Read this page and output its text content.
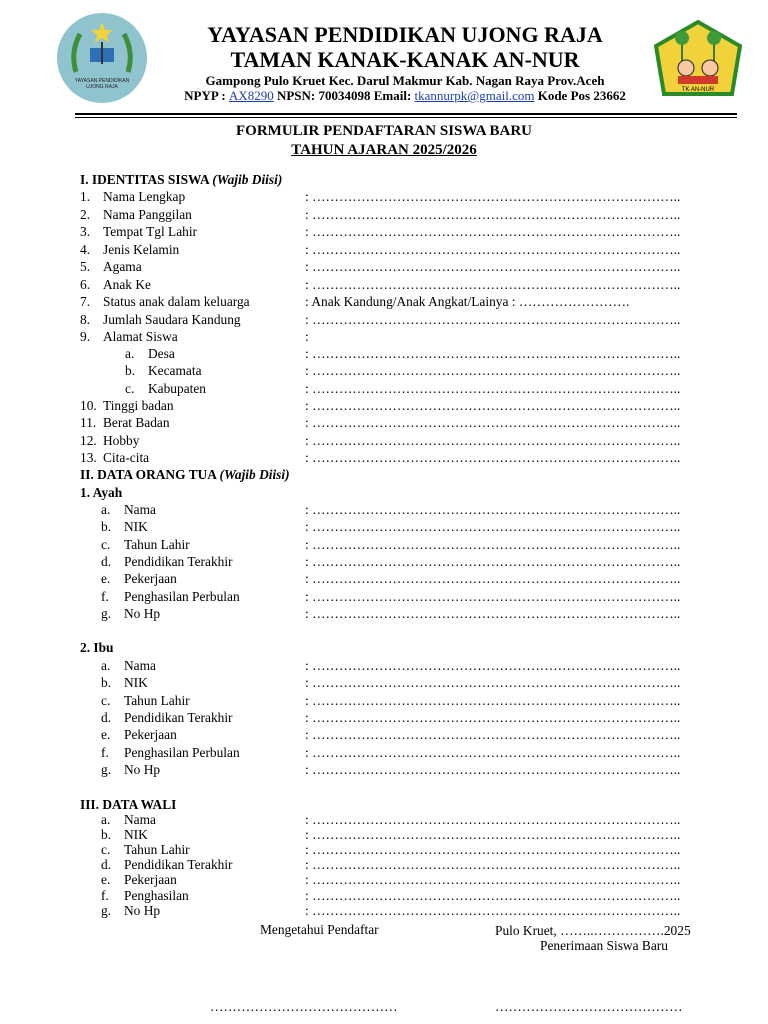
YAYASAN PENDIDIKAN
UJONG RAJA	TK AN-NUR
YAYASAN PENDIDIKAN UJONG RAJA
TAMAN KANAK-KANAK AN-NUR
Gampong Pulo Kruet Kec. Darul Makmur Kab. Nagan Raya Prov.Aceh
NPYP : AX8290 NPSN: 70034098 Email: tkannurpk@gmail.com Kode Pos 23662
FORMULIR PENDAFTARAN SISWA BARU
TAHUN AJARAN 2025/2026
I. IDENTITAS SISWA (Wajib Diisi)
1. Nama Lengkap	: ………………………………………………………………………..
2. Nama Panggilan	: ………………………………………………………………………..
3. Tempat Tgl Lahir	: ………………………………………………………………………..
4. Jenis Kelamin	: ………………………………………………………………………..
5. Agama	: ………………………………………………………………………..
6. Anak Ke	: ………………………………………………………………………..
7. Status anak dalam keluarga	: Anak Kandung/Anak Angkat/Lainya : …………………….
8. Jumlah Saudara Kandung	: ………………………………………………………………………..
9. Alamat Siswa	:
a. Desa	: ………………………………………………………………………..
b. Kecamata	: ………………………………………………………………………..
c. Kabupaten	: ………………………………………………………………………..
10. Tinggi badan	: ………………………………………………………………………..
11. Berat Badan	: ………………………………………………………………………..
12. Hobby	: ………………………………………………………………………..
13. Cita-cita	: ………………………………………………………………………..
II. DATA ORANG TUA (Wajib Diisi)
1. Ayah
a. Nama	: ………………………………………………………………………..
b. NIK	: ………………………………………………………………………..
c. Tahun Lahir	: ………………………………………………………………………..
d. Pendidikan Terakhir	: ………………………………………………………………………..
e. Pekerjaan	: ………………………………………………………………………..
f. Penghasilan Perbulan	: ………………………………………………………………………..
g. No Hp	: ………………………………………………………………………..
2. Ibu
a. Nama	: ………………………………………………………………………..
b. NIK	: ………………………………………………………………………..
c. Tahun Lahir	: ………………………………………………………………………..
d. Pendidikan Terakhir	: ………………………………………………………………………..
e. Pekerjaan	: ………………………………………………………………………..
f. Penghasilan Perbulan	: ………………………………………………………………………..
g. No Hp	: ………………………………………………………………………..
III. DATA WALI
a. Nama	: ………………………………………………………………………..
b. NIK	: ………………………………………………………………………..
c. Tahun Lahir	: ………………………………………………………………………..
d. Pendidikan Terakhir	: ………………………………………………………………………..
e. Pekerjaan	: ………………………………………………………………………..
f. Penghasilan	: ………………………………………………………………………..
g. No Hp	: ………………………………………………………………………..
Mengetahui Pendaftar	Pulo Kruet, ……..…………….2025
Penerimaan Siswa Baru
……………………………………	……………………………………
